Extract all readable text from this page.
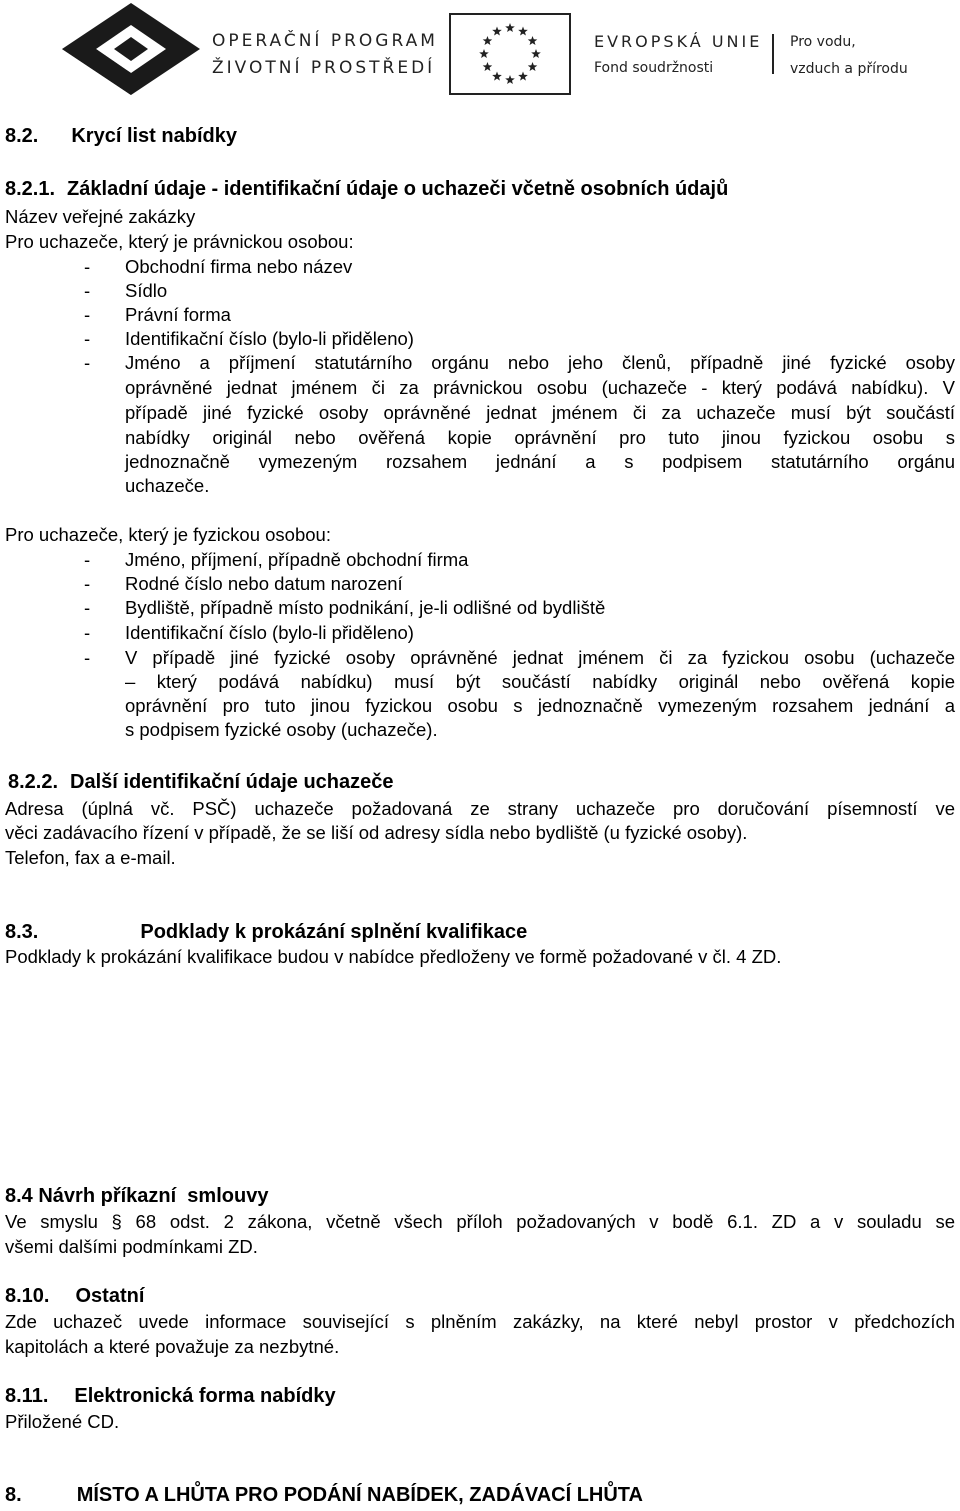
OPERAČNÍ PROGRAM
ŽIVOTNÍ PROSTŘEDÍ
EVROPSKÁ UNIE
Fond soudržnosti
Pro vodu,
vzduch a přírodu
8.2. Krycí list nabídky
8.2.1. Základní údaje - identifikační údaje o uchazeči včetně osobních údajů
Název veřejné zakázky
Pro uchazeče, který je právnickou osobou:
- Obchodní firma nebo název
- Sídlo
- Právní forma
- Identifikační číslo (bylo-li přiděleno)
- Jméno a příjmení statutárního orgánu nebo jeho členů, případně jiné fyzické osoby
oprávněné jednat jménem či za právnickou osobu (uchazeče - který podává nabídku). V
případě jiné fyzické osoby oprávněné jednat jménem či za uchazeče musí být součástí
nabídky originál nebo ověřená kopie oprávnění pro tuto jinou fyzickou osobu s
jednoznačně vymezeným rozsahem jednání a s podpisem statutárního orgánu
uchazeče.
Pro uchazeče, který je fyzickou osobou:
- Jméno, příjmení, případně obchodní firma
- Rodné číslo nebo datum narození
- Bydliště, případně místo podnikání, je-li odlišné od bydliště
- Identifikační číslo (bylo-li přiděleno)
- V případě jiné fyzické osoby oprávněné jednat jménem či za fyzickou osobu (uchazeče
– který podává nabídku) musí být součástí nabídky originál nebo ověřená kopie
oprávnění pro tuto jinou fyzickou osobu s jednoznačně vymezeným rozsahem jednání a
s podpisem fyzické osoby (uchazeče).
8.2.2. Další identifikační údaje uchazeče
Adresa (úplná vč. PSČ) uchazeče požadovaná ze strany uchazeče pro doručování písemností ve
věci zadávacího řízení v případě, že se liší od adresy sídla nebo bydliště (u fyzické osoby).
Telefon, fax a e-mail.
8.3.	Podklady k prokázání splnění kvalifikace
Podklady k prokázání kvalifikace budou v nabídce předloženy ve formě požadované v čl. 4 ZD.
8.4 Návrh příkazní  smlouvy
Ve smyslu § 68 odst. 2 zákona, včetně všech příloh požadovaných v bodě 6.1. ZD a v souladu se
všemi dalšími podmínkami ZD.
8.10. Ostatní
Zde uchazeč uvede informace související s plněním zakázky, na které nebyl prostor v předchozích
kapitolách a které považuje za nezbytné.
8.11. Elektronická forma nabídky
Přiložené CD.
8.	MÍSTO A LHŮTA PRO PODÁNÍ NABÍDEK, ZADÁVACÍ LHŮTA
